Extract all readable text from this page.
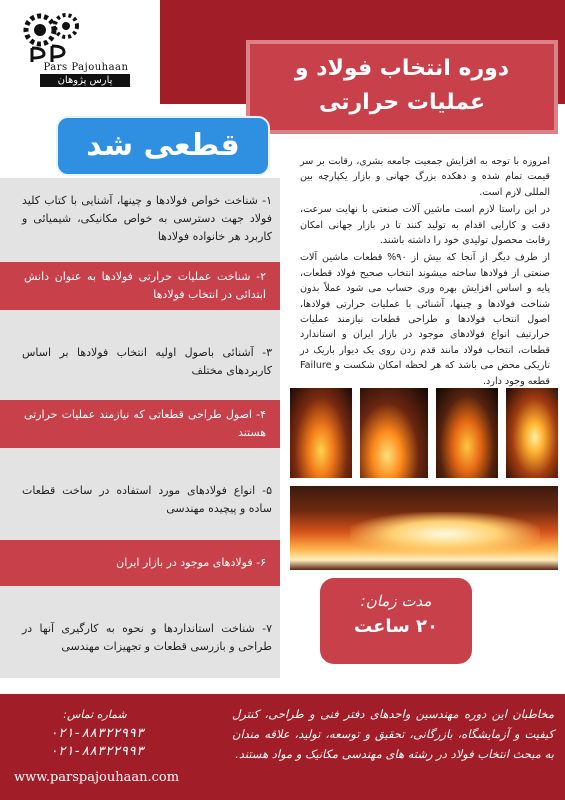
Pars Pajouhaan
پارس پژوهان	دوره انتخاب فولاد و
عملیات حرارتی
قطعی شد
۱- شناخت خواص فولادها و چینها، آشنایی با کتاب کلید فولاد جهت دسترسی به خواص مکانیکی، شیمیائی و کاربرد هر خانواده فولادها
۲- شناخت عملیات حرارتی فولادها به عنوان دانش ابتدائی در انتخاب فولادها
۳- آشنائی باصول اولیه انتخاب فولادها بر اساس کاربردهای مختلف
۴- اصول طراحی قطعاتی که نیازمند عملیات حرارتی هستند
۵- انواع فولادهای مورد استفاده در ساخت قطعات ساده و پیچیده مهندسی
۶- فولادهای موجود در بازار ایران
۷- شناخت استانداردها و نحوه به کارگیری آنها در طراحی و بازرسی قطعات و تجهیزات مهندسی

امروزه با توجه به افزایش جمعیت جامعه بشری، رقابت بر سر قیمت تمام شده و دهکده بزرگ جهانی و بازار یکپارچه بین المللی لازم است.

در این راستا لازم است ماشین آلات صنعتی با نهایت سرعت، دقت و کارایی اقدام به تولید کنند تا در بازار جهانی امکان رقابت محصول تولیدی خود را داشته باشند.

از طرف دیگر از آنجا که بیش از ۹۰% قطعات ماشین آلات صنعتی از فولادها ساخته میشوند انتخاب صحیح فولاد قطعات، پایه و اساس افزایش بهره وری حساب می شود عملاً بدون شناخت فولادها و چینها، آشنائی با عملیات حرارتی فولادها، اصول انتخاب فولادها و طراحی قطعات نیازمند عملیات حرارتیف انواع فولادهای موجود در بازار ایران و استاندارد قطعات، انتخاب فولاد مانند قدم زدن روی یک دیوار باریک در تاریکی محض می باشد که هر لحظه امکان شکست و Failure قطعه وجود دارد.

مدت زمان:
۲۰ ساعت
شماره تماس:
۰۲۱-۸۸۳۲۲۹۹۳
۰۲۱-۸۸۳۲۲۹۹۳
www.parspajouhaan.com
مخاطبان این دوره مهندسین واحدهای دفتر فنی و طراحی، کنترل کیفیت و آزمایشگاه، بازرگانی، تحقیق و توسعه، تولید، علاقه مندان به مبحث انتخاب فولاد در رشته های مهندسی مکانیک و مواد هستند.
